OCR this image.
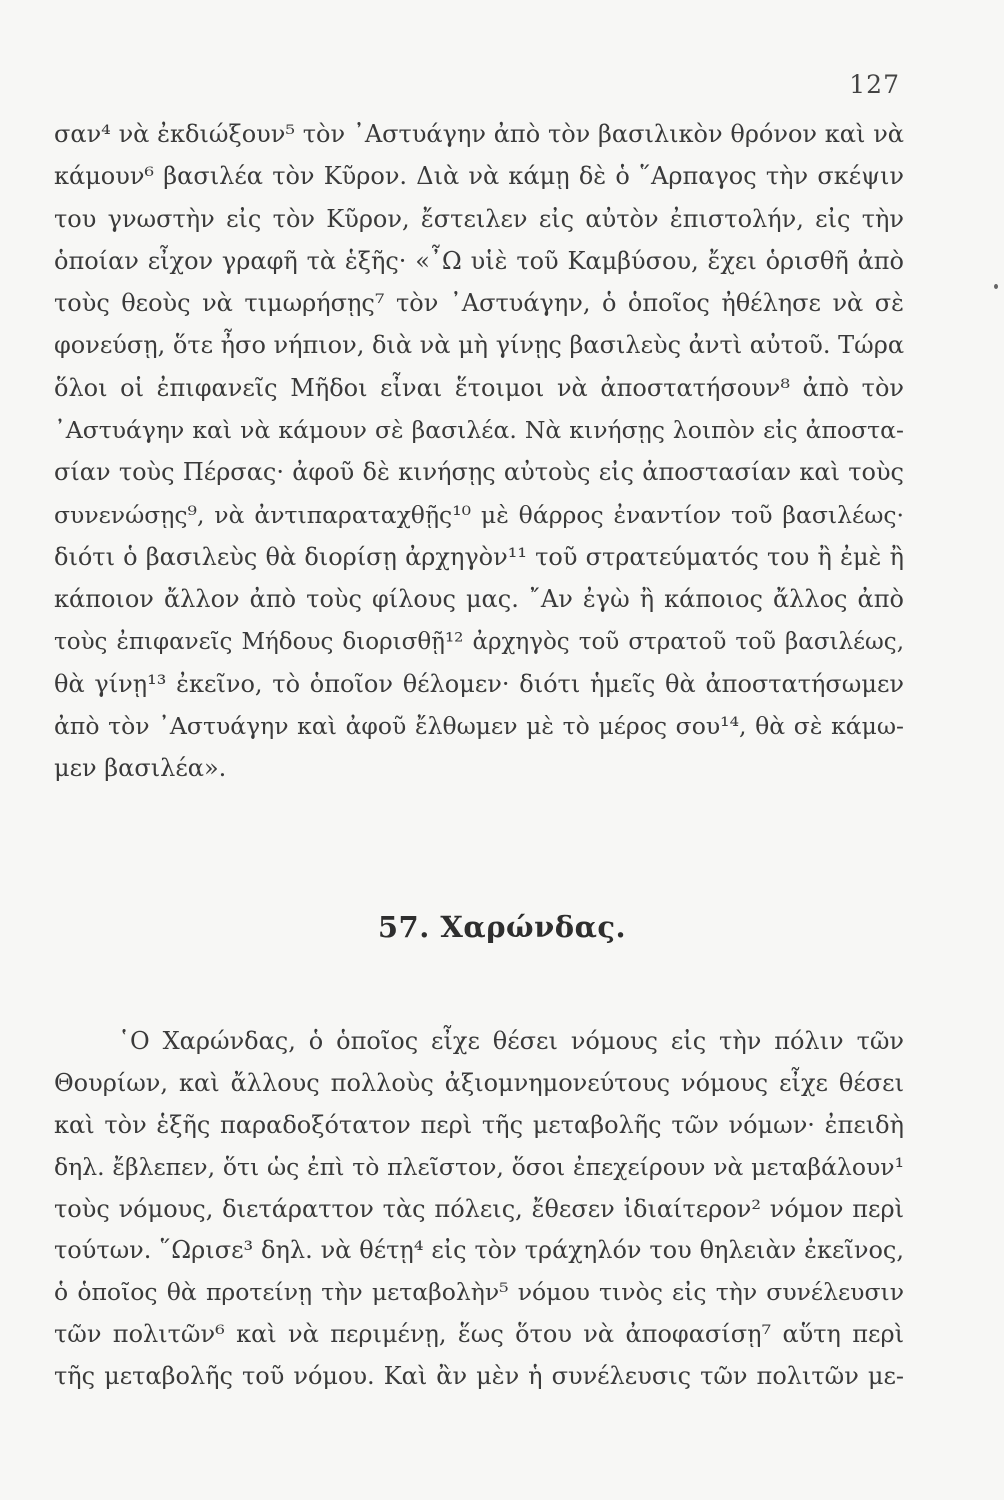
127
σαν⁴ νὰ ἐκδιώξουν⁵ τὸν ᾿Αστυάγην ἀπὸ τὸν βασιλικὸν θρόνον καὶ νὰ
κάμουν⁶ βασιλέα τὸν Κῦρον. Διὰ νὰ κάμῃ δὲ ὁ ῞Αρπαγος τὴν σκέψιν
του γνωστὴν εἰς τὸν Κῦρον, ἔστειλεν εἰς αὐτὸν ἐπιστολήν, εἰς τὴν
ὁποίαν εἶχον γραφῆ τὰ ἑξῆς· «῏Ω υἱὲ τοῦ Καμβύσου, ἔχει ὁρισθῆ ἀπὸ
τοὺς θεοὺς νὰ τιμωρήσῃς⁷ τὸν ᾿Αστυάγην, ὁ ὁποῖος ἠθέλησε νὰ σὲ
φονεύσῃ, ὅτε ἦσο νήπιον, διὰ νὰ μὴ γίνῃς βασιλεὺς ἀντὶ αὐτοῦ. Τώρα
ὅλοι οἱ ἐπιφανεῖς Μῆδοι εἶναι ἕτοιμοι νὰ ἀποστατήσουν⁸ ἀπὸ τὸν
᾿Αστυάγην καὶ νὰ κάμουν σὲ βασιλέα. Νὰ κινήσῃς λοιπὸν εἰς ἀποστα-
σίαν τοὺς Πέρσας· ἀφοῦ δὲ κινήσῃς αὐτοὺς εἰς ἀποστασίαν καὶ τοὺς
συνενώσῃς⁹, νὰ ἀντιπαραταχθῇς¹⁰ μὲ θάρρος ἐναντίον τοῦ βασιλέως·
διότι ὁ βασιλεὺς θὰ διορίσῃ ἀρχηγὸν¹¹ τοῦ στρατεύματός του ἢ ἐμὲ ἢ
κάποιον ἄλλον ἀπὸ τοὺς φίλους μας. ῎Αν ἐγὼ ἢ κάποιος ἄλλος ἀπὸ
τοὺς ἐπιφανεῖς Μήδους διορισθῇ¹² ἀρχηγὸς τοῦ στρατοῦ τοῦ βασιλέως,
θὰ γίνῃ¹³ ἐκεῖνο, τὸ ὁποῖον θέλομεν· διότι ἡμεῖς θὰ ἀποστατήσωμεν
ἀπὸ τὸν ᾿Αστυάγην καὶ ἀφοῦ ἔλθωμεν μὲ τὸ μέρος σου¹⁴, θὰ σὲ κάμω-
μεν βασιλέα».
57. Χαρώνδας.
῾Ο Χαρώνδας, ὁ ὁποῖος εἶχε θέσει νόμους εἰς τὴν πόλιν τῶν
Θουρίων, καὶ ἄλλους πολλοὺς ἀξιομνημονεύτους νόμους εἶχε θέσει
καὶ τὸν ἑξῆς παραδοξότατον περὶ τῆς μεταβολῆς τῶν νόμων· ἐπειδὴ
δηλ. ἔβλεπεν, ὅτι ὡς ἐπὶ τὸ πλεῖστον, ὅσοι ἐπεχείρουν νὰ μεταβάλουν¹
τοὺς νόμους, διετάραττον τὰς πόλεις, ἔθεσεν ἰδιαίτερον² νόμον περὶ
τούτων. ῞Ωρισε³ δηλ. νὰ θέτῃ⁴ εἰς τὸν τράχηλόν του θηλειὰν ἐκεῖνος,
ὁ ὁποῖος θὰ προτείνῃ τὴν μεταβολὴν⁵ νόμου τινὸς εἰς τὴν συνέλευσιν
τῶν πολιτῶν⁶ καὶ νὰ περιμένῃ, ἕως ὅτου νὰ ἀποφασίσῃ⁷ αὕτη περὶ
τῆς μεταβολῆς τοῦ νόμου. Καὶ ἂν μὲν ἡ συνέλευσις τῶν πολιτῶν με-
